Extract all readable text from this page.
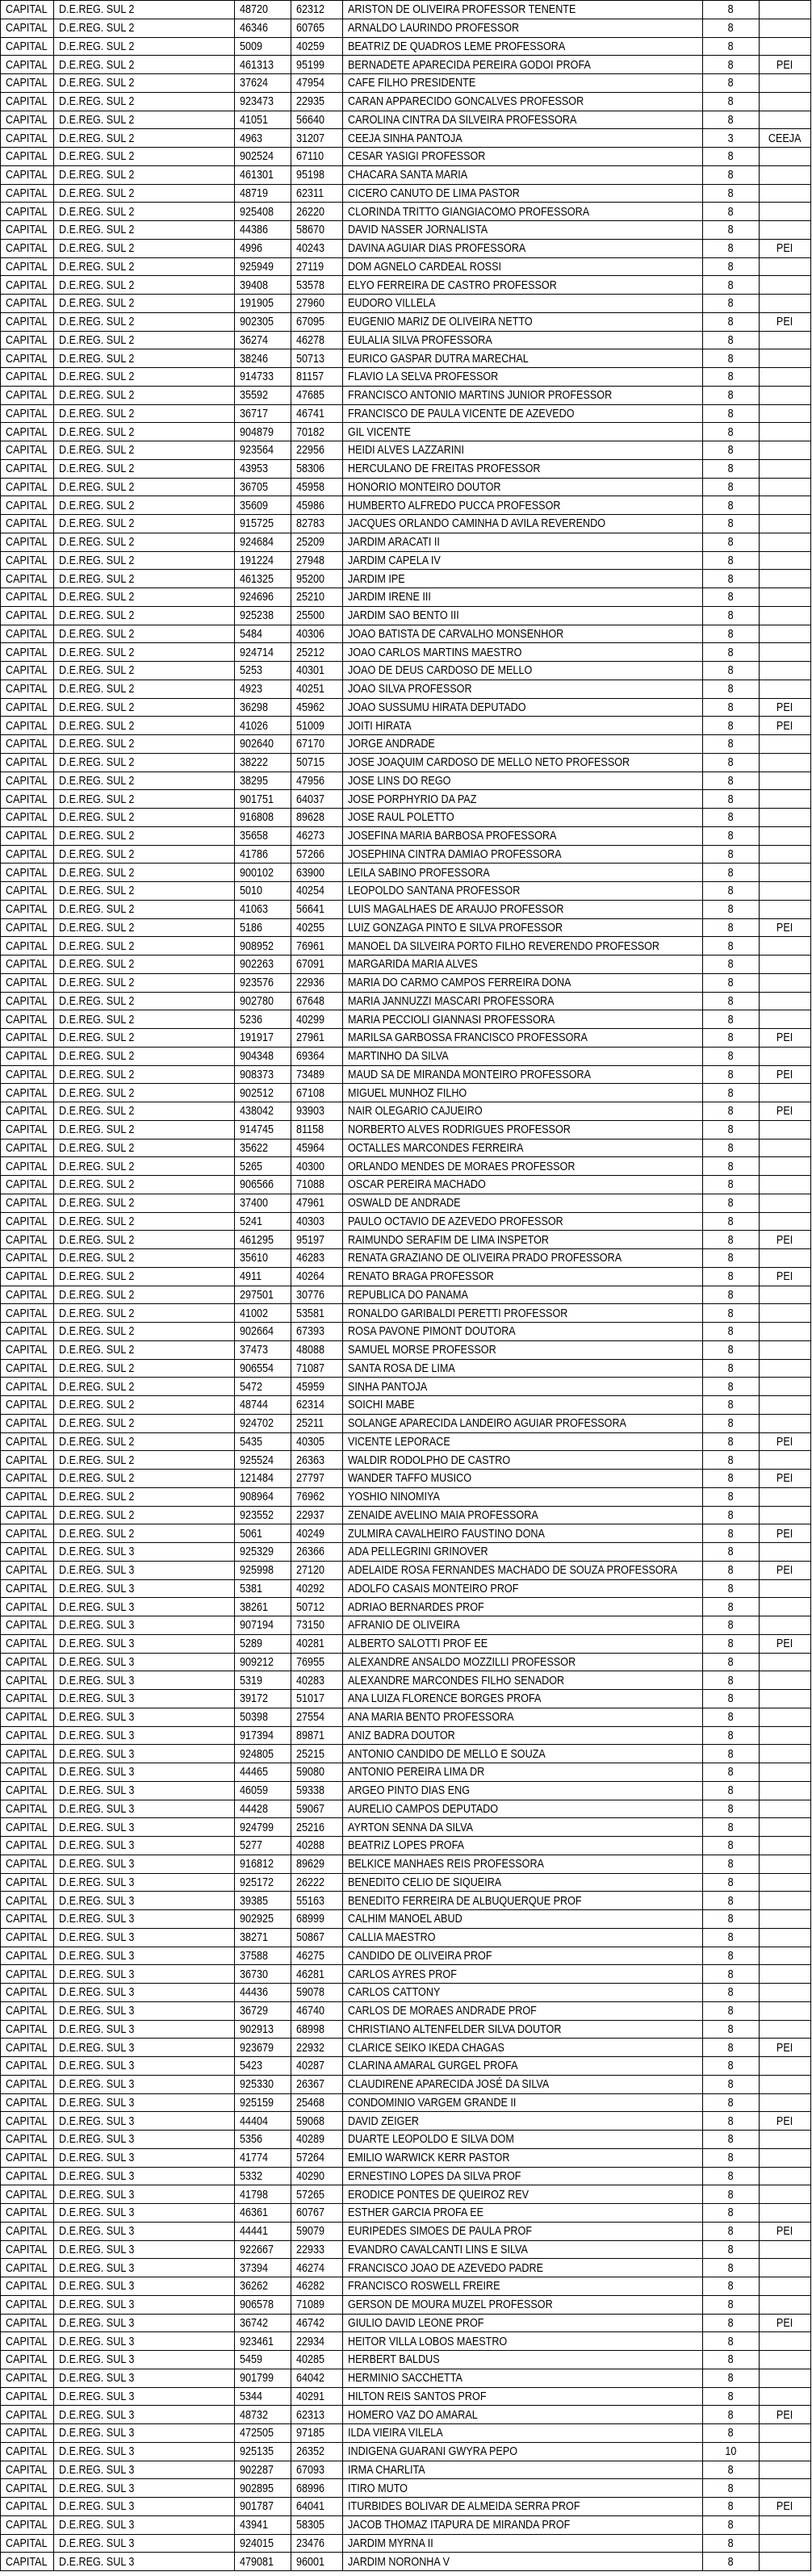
CAPITAL	D.E.REG. SUL 2	48720	62312	ARISTON DE OLIVEIRA PROFESSOR TENENTE	8	
CAPITAL	D.E.REG. SUL 2	46346	60765	ARNALDO LAURINDO PROFESSOR	8	
CAPITAL	D.E.REG. SUL 2	5009	40259	BEATRIZ DE QUADROS LEME PROFESSORA	8	
CAPITAL	D.E.REG. SUL 2	461313	95199	BERNADETE APARECIDA PEREIRA GODOI PROFA	8	PEI
CAPITAL	D.E.REG. SUL 2	37624	47954	CAFE FILHO PRESIDENTE	8	
CAPITAL	D.E.REG. SUL 2	923473	22935	CARAN APPARECIDO GONCALVES PROFESSOR	8	
CAPITAL	D.E.REG. SUL 2	41051	56640	CAROLINA CINTRA DA SILVEIRA PROFESSORA	8	
CAPITAL	D.E.REG. SUL 2	4963	31207	CEEJA SINHA PANTOJA	3	CEEJA
CAPITAL	D.E.REG. SUL 2	902524	67110	CESAR YASIGI PROFESSOR	8	
CAPITAL	D.E.REG. SUL 2	461301	95198	CHACARA SANTA MARIA	8	
CAPITAL	D.E.REG. SUL 2	48719	62311	CICERO CANUTO DE LIMA PASTOR	8	
CAPITAL	D.E.REG. SUL 2	925408	26220	CLORINDA TRITTO GIANGIACOMO PROFESSORA	8	
CAPITAL	D.E.REG. SUL 2	44386	58670	DAVID NASSER JORNALISTA	8	
CAPITAL	D.E.REG. SUL 2	4996	40243	DAVINA AGUIAR DIAS PROFESSORA	8	PEI
CAPITAL	D.E.REG. SUL 2	925949	27119	DOM AGNELO CARDEAL ROSSI	8	
CAPITAL	D.E.REG. SUL 2	39408	53578	ELYO FERREIRA DE CASTRO PROFESSOR	8	
CAPITAL	D.E.REG. SUL 2	191905	27960	EUDORO VILLELA	8	
CAPITAL	D.E.REG. SUL 2	902305	67095	EUGENIO MARIZ DE OLIVEIRA NETTO	8	PEI
CAPITAL	D.E.REG. SUL 2	36274	46278	EULALIA SILVA PROFESSORA	8	
CAPITAL	D.E.REG. SUL 2	38246	50713	EURICO GASPAR DUTRA MARECHAL	8	
CAPITAL	D.E.REG. SUL 2	914733	81157	FLAVIO LA SELVA PROFESSOR	8	
CAPITAL	D.E.REG. SUL 2	35592	47685	FRANCISCO ANTONIO MARTINS JUNIOR PROFESSOR	8	
CAPITAL	D.E.REG. SUL 2	36717	46741	FRANCISCO DE PAULA VICENTE DE AZEVEDO	8	
CAPITAL	D.E.REG. SUL 2	904879	70182	GIL VICENTE	8	
CAPITAL	D.E.REG. SUL 2	923564	22956	HEIDI ALVES LAZZARINI	8	
CAPITAL	D.E.REG. SUL 2	43953	58306	HERCULANO DE FREITAS PROFESSOR	8	
CAPITAL	D.E.REG. SUL 2	36705	45958	HONORIO MONTEIRO DOUTOR	8	
CAPITAL	D.E.REG. SUL 2	35609	45986	HUMBERTO ALFREDO PUCCA PROFESSOR	8	
CAPITAL	D.E.REG. SUL 2	915725	82783	JACQUES ORLANDO CAMINHA D AVILA REVERENDO	8	
CAPITAL	D.E.REG. SUL 2	924684	25209	JARDIM ARACATI II	8	
CAPITAL	D.E.REG. SUL 2	191224	27948	JARDIM CAPELA IV	8	
CAPITAL	D.E.REG. SUL 2	461325	95200	JARDIM IPE	8	
CAPITAL	D.E.REG. SUL 2	924696	25210	JARDIM IRENE III	8	
CAPITAL	D.E.REG. SUL 2	925238	25500	JARDIM SAO BENTO III	8	
CAPITAL	D.E.REG. SUL 2	5484	40306	JOAO BATISTA DE CARVALHO MONSENHOR	8	
CAPITAL	D.E.REG. SUL 2	924714	25212	JOAO CARLOS MARTINS MAESTRO	8	
CAPITAL	D.E.REG. SUL 2	5253	40301	JOAO DE DEUS CARDOSO DE MELLO	8	
CAPITAL	D.E.REG. SUL 2	4923	40251	JOAO SILVA PROFESSOR	8	
CAPITAL	D.E.REG. SUL 2	36298	45962	JOAO SUSSUMU HIRATA DEPUTADO	8	PEI
CAPITAL	D.E.REG. SUL 2	41026	51009	JOITI HIRATA	8	PEI
CAPITAL	D.E.REG. SUL 2	902640	67170	JORGE ANDRADE	8	
CAPITAL	D.E.REG. SUL 2	38222	50715	JOSE JOAQUIM CARDOSO DE MELLO NETO PROFESSOR	8	
CAPITAL	D.E.REG. SUL 2	38295	47956	JOSE LINS DO REGO	8	
CAPITAL	D.E.REG. SUL 2	901751	64037	JOSE PORPHYRIO DA PAZ	8	
CAPITAL	D.E.REG. SUL 2	916808	89628	JOSE RAUL POLETTO	8	
CAPITAL	D.E.REG. SUL 2	35658	46273	JOSEFINA MARIA BARBOSA PROFESSORA	8	
CAPITAL	D.E.REG. SUL 2	41786	57266	JOSEPHINA CINTRA DAMIAO PROFESSORA	8	
CAPITAL	D.E.REG. SUL 2	900102	63900	LEILA SABINO PROFESSORA	8	
CAPITAL	D.E.REG. SUL 2	5010	40254	LEOPOLDO SANTANA PROFESSOR	8	
CAPITAL	D.E.REG. SUL 2	41063	56641	LUIS MAGALHAES DE ARAUJO PROFESSOR	8	
CAPITAL	D.E.REG. SUL 2	5186	40255	LUIZ GONZAGA PINTO E SILVA PROFESSOR	8	PEI
CAPITAL	D.E.REG. SUL 2	908952	76961	MANOEL DA SILVEIRA PORTO FILHO REVERENDO PROFESSOR	8	
CAPITAL	D.E.REG. SUL 2	902263	67091	MARGARIDA MARIA ALVES	8	
CAPITAL	D.E.REG. SUL 2	923576	22936	MARIA DO CARMO CAMPOS FERREIRA DONA	8	
CAPITAL	D.E.REG. SUL 2	902780	67648	MARIA JANNUZZI MASCARI PROFESSORA	8	
CAPITAL	D.E.REG. SUL 2	5236	40299	MARIA PECCIOLI GIANNASI PROFESSORA	8	
CAPITAL	D.E.REG. SUL 2	191917	27961	MARILSA GARBOSSA FRANCISCO PROFESSORA	8	PEI
CAPITAL	D.E.REG. SUL 2	904348	69364	MARTINHO DA SILVA	8	
CAPITAL	D.E.REG. SUL 2	908373	73489	MAUD SA DE MIRANDA MONTEIRO PROFESSORA	8	PEI
CAPITAL	D.E.REG. SUL 2	902512	67108	MIGUEL MUNHOZ FILHO	8	
CAPITAL	D.E.REG. SUL 2	438042	93903	NAIR OLEGARIO CAJUEIRO	8	PEI
CAPITAL	D.E.REG. SUL 2	914745	81158	NORBERTO ALVES RODRIGUES PROFESSOR	8	
CAPITAL	D.E.REG. SUL 2	35622	45964	OCTALLES MARCONDES FERREIRA	8	
CAPITAL	D.E.REG. SUL 2	5265	40300	ORLANDO MENDES DE MORAES PROFESSOR	8	
CAPITAL	D.E.REG. SUL 2	906566	71088	OSCAR PEREIRA MACHADO	8	
CAPITAL	D.E.REG. SUL 2	37400	47961	OSWALD DE ANDRADE	8	
CAPITAL	D.E.REG. SUL 2	5241	40303	PAULO OCTAVIO DE AZEVEDO PROFESSOR	8	
CAPITAL	D.E.REG. SUL 2	461295	95197	RAIMUNDO SERAFIM DE LIMA INSPETOR	8	PEI
CAPITAL	D.E.REG. SUL 2	35610	46283	RENATA GRAZIANO DE OLIVEIRA PRADO PROFESSORA	8	
CAPITAL	D.E.REG. SUL 2	4911	40264	RENATO BRAGA PROFESSOR	8	PEI
CAPITAL	D.E.REG. SUL 2	297501	30776	REPUBLICA DO PANAMA	8	
CAPITAL	D.E.REG. SUL 2	41002	53581	RONALDO GARIBALDI PERETTI PROFESSOR	8	
CAPITAL	D.E.REG. SUL 2	902664	67393	ROSA PAVONE PIMONT DOUTORA	8	
CAPITAL	D.E.REG. SUL 2	37473	48088	SAMUEL MORSE PROFESSOR	8	
CAPITAL	D.E.REG. SUL 2	906554	71087	SANTA ROSA DE LIMA	8	
CAPITAL	D.E.REG. SUL 2	5472	45959	SINHA PANTOJA	8	
CAPITAL	D.E.REG. SUL 2	48744	62314	SOICHI MABE	8	
CAPITAL	D.E.REG. SUL 2	924702	25211	SOLANGE APARECIDA LANDEIRO AGUIAR PROFESSORA	8	
CAPITAL	D.E.REG. SUL 2	5435	40305	VICENTE LEPORACE	8	PEI
CAPITAL	D.E.REG. SUL 2	925524	26363	WALDIR RODOLPHO DE CASTRO	8	
CAPITAL	D.E.REG. SUL 2	121484	27797	WANDER TAFFO MUSICO	8	PEI
CAPITAL	D.E.REG. SUL 2	908964	76962	YOSHIO NINOMIYA	8	
CAPITAL	D.E.REG. SUL 2	923552	22937	ZENAIDE AVELINO MAIA PROFESSORA	8	
CAPITAL	D.E.REG. SUL 2	5061	40249	ZULMIRA CAVALHEIRO FAUSTINO DONA	8	PEI
CAPITAL	D.E.REG. SUL 3	925329	26366	ADA PELLEGRINI GRINOVER	8	
CAPITAL	D.E.REG. SUL 3	925998	27120	ADELAIDE ROSA FERNANDES MACHADO DE SOUZA PROFESSORA	8	PEI
CAPITAL	D.E.REG. SUL 3	5381	40292	ADOLFO CASAIS MONTEIRO PROF	8	
CAPITAL	D.E.REG. SUL 3	38261	50712	ADRIAO BERNARDES PROF	8	
CAPITAL	D.E.REG. SUL 3	907194	73150	AFRANIO DE OLIVEIRA	8	
CAPITAL	D.E.REG. SUL 3	5289	40281	ALBERTO SALOTTI PROF EE	8	PEI
CAPITAL	D.E.REG. SUL 3	909212	76955	ALEXANDRE ANSALDO MOZZILLI PROFESSOR	8	
CAPITAL	D.E.REG. SUL 3	5319	40283	ALEXANDRE MARCONDES FILHO SENADOR	8	
CAPITAL	D.E.REG. SUL 3	39172	51017	ANA LUIZA FLORENCE BORGES PROFA	8	
CAPITAL	D.E.REG. SUL 3	50398	27554	ANA MARIA BENTO PROFESSORA	8	
CAPITAL	D.E.REG. SUL 3	917394	89871	ANIZ BADRA DOUTOR	8	
CAPITAL	D.E.REG. SUL 3	924805	25215	ANTONIO CANDIDO DE MELLO E SOUZA	8	
CAPITAL	D.E.REG. SUL 3	44465	59080	ANTONIO PEREIRA LIMA DR	8	
CAPITAL	D.E.REG. SUL 3	46059	59338	ARGEO PINTO DIAS ENG	8	
CAPITAL	D.E.REG. SUL 3	44428	59067	AURELIO CAMPOS DEPUTADO	8	
CAPITAL	D.E.REG. SUL 3	924799	25216	AYRTON SENNA DA SILVA	8	
CAPITAL	D.E.REG. SUL 3	5277	40288	BEATRIZ LOPES PROFA	8	
CAPITAL	D.E.REG. SUL 3	916812	89629	BELKICE MANHAES REIS PROFESSORA	8	
CAPITAL	D.E.REG. SUL 3	925172	26222	BENEDITO CELIO DE SIQUEIRA	8	
CAPITAL	D.E.REG. SUL 3	39385	55163	BENEDITO FERREIRA DE ALBUQUERQUE PROF	8	
CAPITAL	D.E.REG. SUL 3	902925	68999	CALHIM MANOEL ABUD	8	
CAPITAL	D.E.REG. SUL 3	38271	50867	CALLIA MAESTRO	8	
CAPITAL	D.E.REG. SUL 3	37588	46275	CANDIDO DE OLIVEIRA PROF	8	
CAPITAL	D.E.REG. SUL 3	36730	46281	CARLOS AYRES PROF	8	
CAPITAL	D.E.REG. SUL 3	44436	59078	CARLOS CATTONY	8	
CAPITAL	D.E.REG. SUL 3	36729	46740	CARLOS DE MORAES ANDRADE PROF	8	
CAPITAL	D.E.REG. SUL 3	902913	68998	CHRISTIANO ALTENFELDER SILVA DOUTOR	8	
CAPITAL	D.E.REG. SUL 3	923679	22932	CLARICE SEIKO IKEDA CHAGAS	8	PEI
CAPITAL	D.E.REG. SUL 3	5423	40287	CLARINA AMARAL GURGEL PROFA	8	
CAPITAL	D.E.REG. SUL 3	925330	26367	CLAUDIRENE APARECIDA JOSÉ DA SILVA	8	
CAPITAL	D.E.REG. SUL 3	925159	25468	CONDOMINIO VARGEM GRANDE II	8	
CAPITAL	D.E.REG. SUL 3	44404	59068	DAVID ZEIGER	8	PEI
CAPITAL	D.E.REG. SUL 3	5356	40289	DUARTE LEOPOLDO E SILVA DOM	8	
CAPITAL	D.E.REG. SUL 3	41774	57264	EMILIO WARWICK KERR PASTOR	8	
CAPITAL	D.E.REG. SUL 3	5332	40290	ERNESTINO LOPES DA SILVA PROF	8	
CAPITAL	D.E.REG. SUL 3	41798	57265	ERODICE PONTES DE QUEIROZ REV	8	
CAPITAL	D.E.REG. SUL 3	46361	60767	ESTHER GARCIA PROFA EE	8	
CAPITAL	D.E.REG. SUL 3	44441	59079	EURIPEDES SIMOES DE PAULA PROF	8	PEI
CAPITAL	D.E.REG. SUL 3	922667	22933	EVANDRO CAVALCANTI LINS E SILVA	8	
CAPITAL	D.E.REG. SUL 3	37394	46274	FRANCISCO JOAO DE AZEVEDO PADRE	8	
CAPITAL	D.E.REG. SUL 3	36262	46282	FRANCISCO ROSWELL FREIRE	8	
CAPITAL	D.E.REG. SUL 3	906578	71089	GERSON DE MOURA MUZEL PROFESSOR	8	
CAPITAL	D.E.REG. SUL 3	36742	46742	GIULIO DAVID LEONE PROF	8	PEI
CAPITAL	D.E.REG. SUL 3	923461	22934	HEITOR VILLA LOBOS MAESTRO	8	
CAPITAL	D.E.REG. SUL 3	5459	40285	HERBERT BALDUS	8	
CAPITAL	D.E.REG. SUL 3	901799	64042	HERMINIO SACCHETTA	8	
CAPITAL	D.E.REG. SUL 3	5344	40291	HILTON REIS SANTOS PROF	8	
CAPITAL	D.E.REG. SUL 3	48732	62313	HOMERO VAZ DO AMARAL	8	PEI
CAPITAL	D.E.REG. SUL 3	472505	97185	ILDA VIEIRA VILELA	8	
CAPITAL	D.E.REG. SUL 3	925135	26352	INDIGENA GUARANI GWYRA PEPO	10	
CAPITAL	D.E.REG. SUL 3	902287	67093	IRMA CHARLITA	8	
CAPITAL	D.E.REG. SUL 3	902895	68996	ITIRO MUTO	8	
CAPITAL	D.E.REG. SUL 3	901787	64041	ITURBIDES BOLIVAR DE ALMEIDA SERRA PROF	8	PEI
CAPITAL	D.E.REG. SUL 3	43941	58305	JACOB THOMAZ ITAPURA DE MIRANDA PROF	8	
CAPITAL	D.E.REG. SUL 3	924015	23476	JARDIM MYRNA II	8	
CAPITAL	D.E.REG. SUL 3	479081	96001	JARDIM NORONHA V	8	
